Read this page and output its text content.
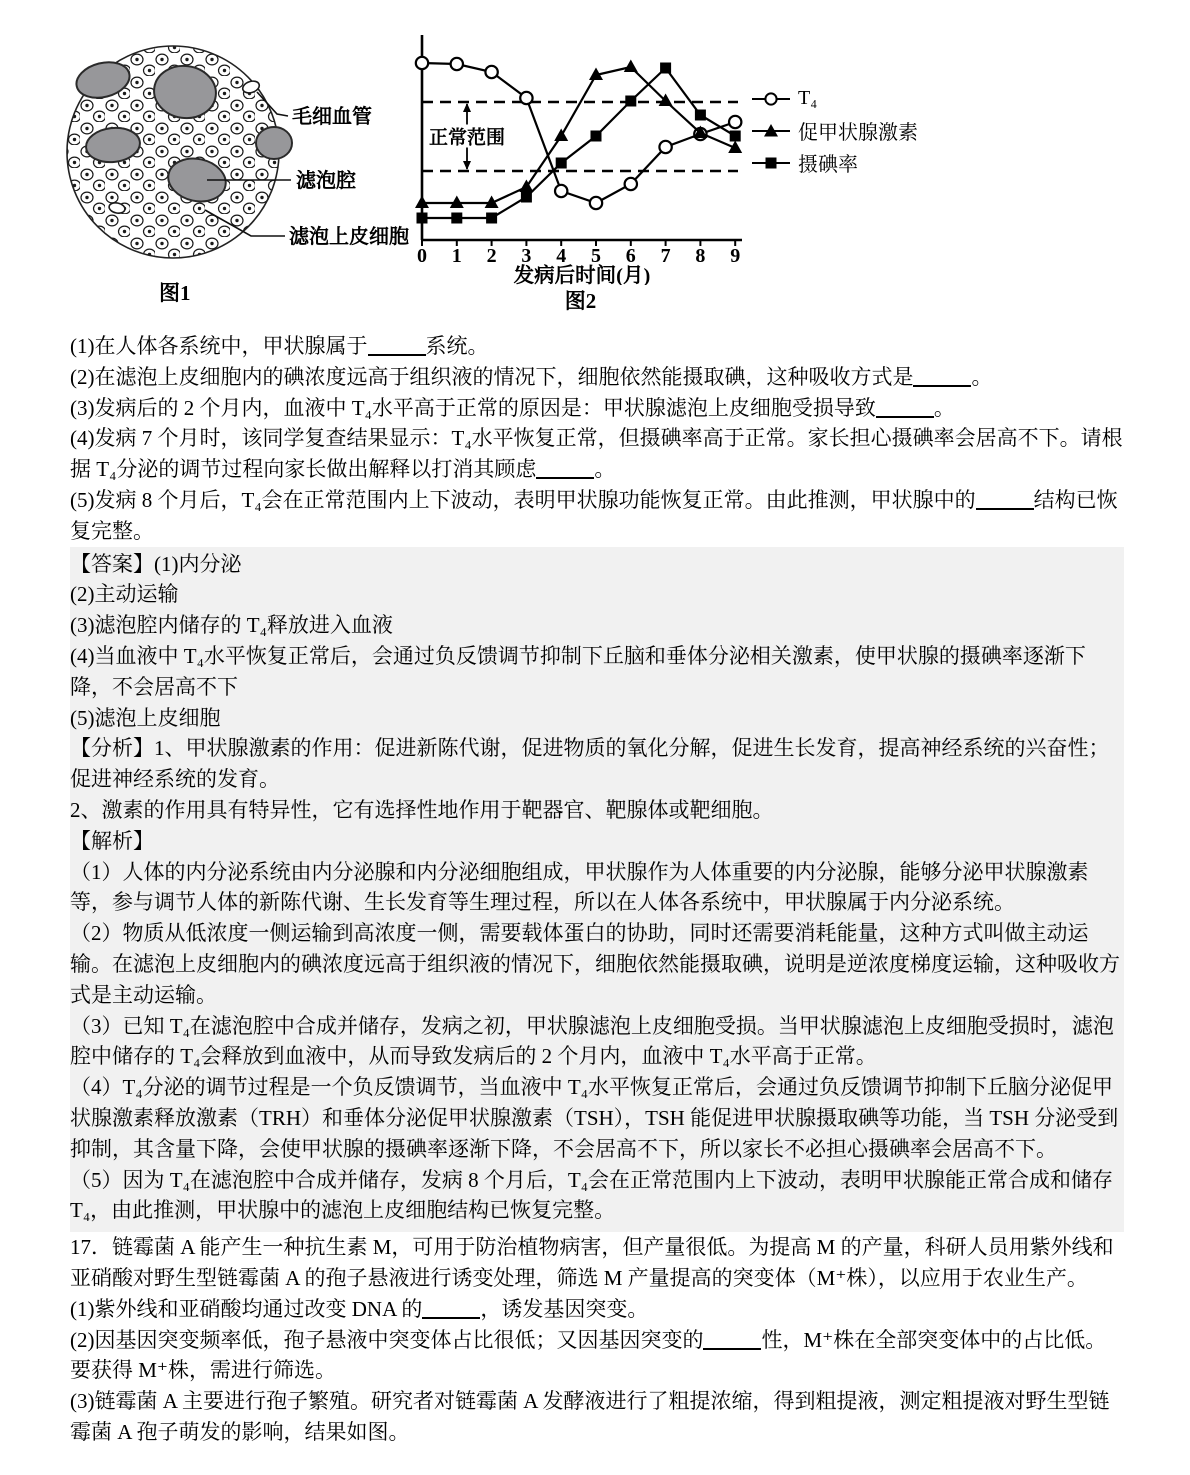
毛细血管
滤泡腔
滤泡上皮细胞
图1
正常范围
0 1 2 3 4 5 6 7 8 9
发病后时间(月)
图2
T₄
促甲状腺激素
摄碘率

(1)在人体各系统中，甲状腺属于	系统。

(2)在滤泡上皮细胞内的碘浓度远高于组织液的情况下，细胞依然能摄取碘，这种吸收方式是	。

(3)发病后的 2 个月内，血液中 T₄水平高于正常的原因是：甲状腺滤泡上皮细胞受损导致	。

(4)发病 7 个月时，该同学复查结果显示：T₄水平恢复正常，但摄碘率高于正常。家长担心摄碘率会居高不下。请根据 T₄分泌的调节过程向家长做出解释以打消其顾虑	。

(5)发病 8 个月后，T₄会在正常范围内上下波动，表明甲状腺功能恢复正常。由此推测，甲状腺中的	结构已恢复完整。

【答案】(1)内分泌

(2)主动运输

(3)滤泡腔内储存的 T₄释放进入血液

(4)当血液中 T₄水平恢复正常后，会通过负反馈调节抑制下丘脑和垂体分泌相关激素，使甲状腺的摄碘率逐渐下降，不会居高不下

(5)滤泡上皮细胞

【分析】1、甲状腺激素的作用：促进新陈代谢，促进物质的氧化分解，促进生长发育，提高神经系统的兴奋性；促进神经系统的发育。

2、激素的作用具有特异性，它有选择性地作用于靶器官、靶腺体或靶细胞。

【解析】

（1）人体的内分泌系统由内分泌腺和内分泌细胞组成，甲状腺作为人体重要的内分泌腺，能够分泌甲状腺激素等，参与调节人体的新陈代谢、生长发育等生理过程，所以在人体各系统中，甲状腺属于内分泌系统。

（2）物质从低浓度一侧运输到高浓度一侧，需要载体蛋白的协助，同时还需要消耗能量，这种方式叫做主动运输。在滤泡上皮细胞内的碘浓度远高于组织液的情况下，细胞依然能摄取碘，说明是逆浓度梯度运输，这种吸收方式是主动运输。

（3）已知 T₄在滤泡腔中合成并储存，发病之初，甲状腺滤泡上皮细胞受损。当甲状腺滤泡上皮细胞受损时，滤泡腔中储存的 T₄会释放到血液中，从而导致发病后的 2 个月内，血液中 T₄水平高于正常。

（4）T₄分泌的调节过程是一个负反馈调节，当血液中 T₄水平恢复正常后，会通过负反馈调节抑制下丘脑分泌促甲状腺激素释放激素（TRH）和垂体分泌促甲状腺激素（TSH），TSH 能促进甲状腺摄取碘等功能，当 TSH 分泌受到抑制，其含量下降，会使甲状腺的摄碘率逐渐下降，不会居高不下，所以家长不必担心摄碘率会居高不下。

（5）因为 T₄在滤泡腔中合成并储存，发病 8 个月后，T₄会在正常范围内上下波动，表明甲状腺能正常合成和储存 T₄，由此推测，甲状腺中的滤泡上皮细胞结构已恢复完整。

17．链霉菌 A 能产生一种抗生素 M，可用于防治植物病害，但产量很低。为提高 M 的产量，科研人员用紫外线和亚硝酸对野生型链霉菌 A 的孢子悬液进行诱变处理，筛选 M 产量提高的突变体（M⁺株），以应用于农业生产。

(1)紫外线和亚硝酸均通过改变 DNA 的	，诱发基因突变。

(2)因基因突变频率低，孢子悬液中突变体占比很低；又因基因突变的	性，M⁺株在全部突变体中的占比低。要获得 M⁺株，需进行筛选。

(3)链霉菌 A 主要进行孢子繁殖。研究者对链霉菌 A 发酵液进行了粗提浓缩，得到粗提液，测定粗提液对野生型链霉菌 A 孢子萌发的影响，结果如图。
